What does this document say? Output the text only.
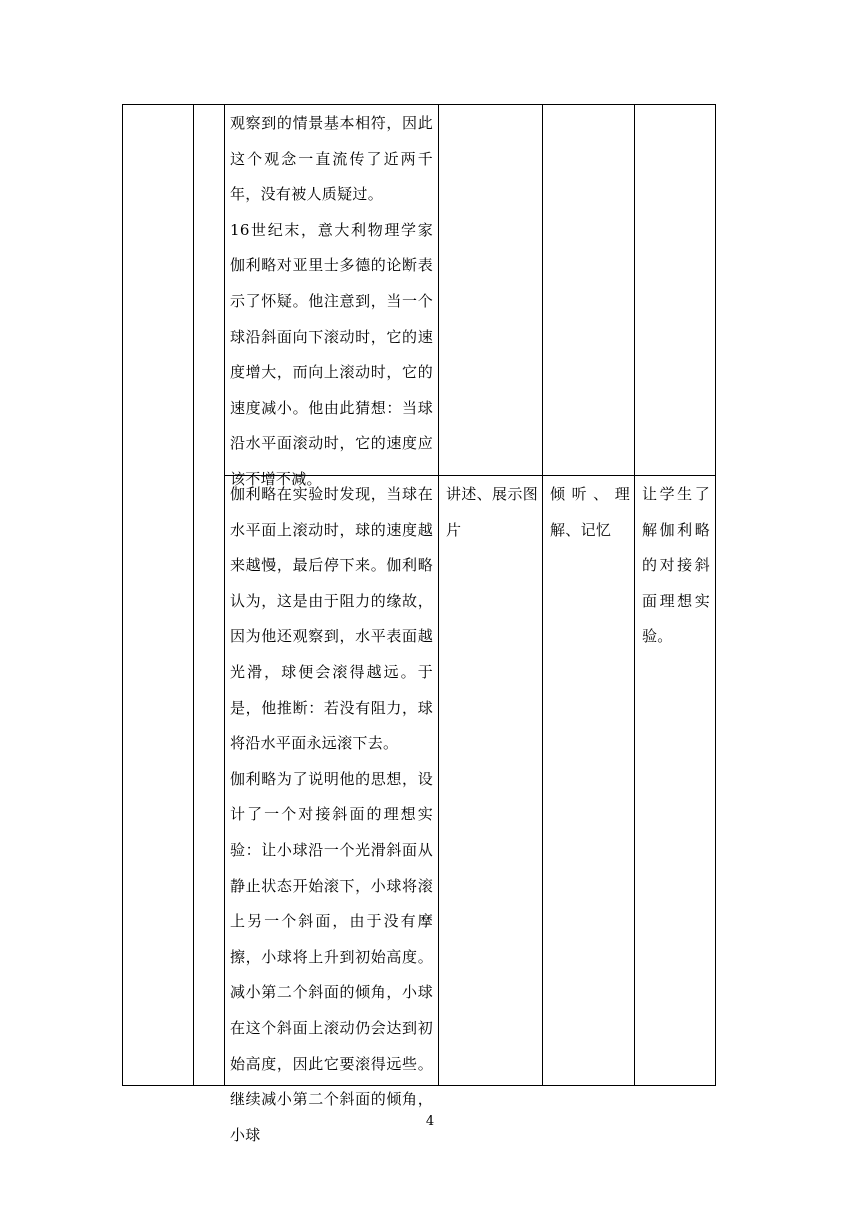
观察到的情景基本相符，因此这个观念一直流传了近两千年，没有被人质疑过。

16世纪末，意大利物理学家伽利略对亚里士多德的论断表示了怀疑。他注意到，当一个球沿斜面向下滚动时，它的速度增大，而向上滚动时，它的速度减小。他由此猜想：当球沿水平面滚动时，它的速度应该不增不减。

伽利略在实验时发现，当球在水平面上滚动时，球的速度越来越慢，最后停下来。伽利略认为，这是由于阻力的缘故，因为他还观察到，水平表面越光滑，球便会滚得越远。于是，他推断：若没有阻力，球将沿水平面永远滚下去。

伽利略为了说明他的思想，设计了一个对接斜面的理想实验：让小球沿一个光滑斜面从静止状态开始滚下，小球将滚上另一个斜面，由于没有摩擦，小球将上升到初始高度。减小第二个斜面的倾角，小球在这个斜面上滚动仍会达到初始高度，因此它要滚得远些。继续减小第二个斜面的倾角，小球

讲述、展示图片
倾听、理解、记忆
让学生了解伽利略的对接斜面理想实验。
4
